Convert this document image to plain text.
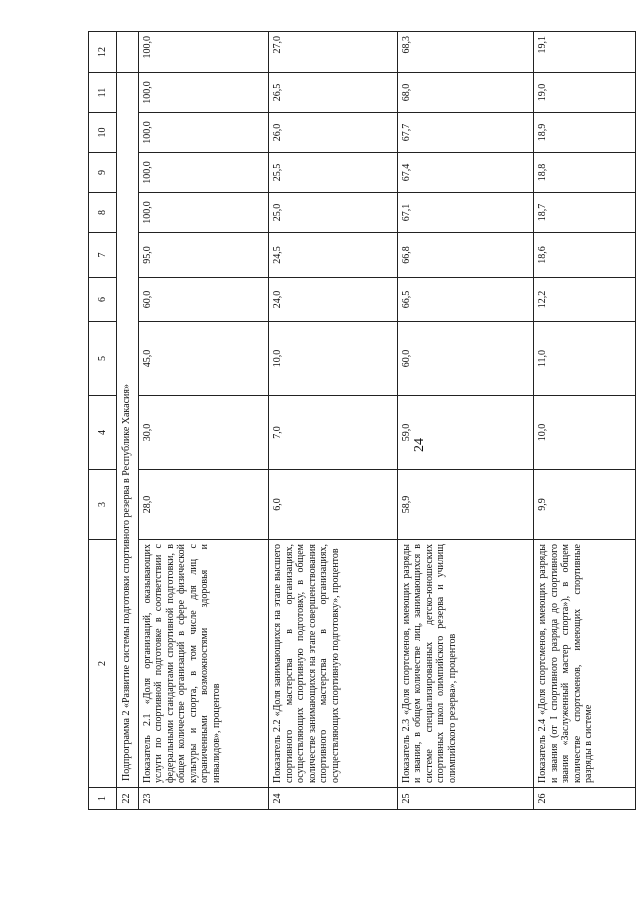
24
1	2	3	4	5	6	7	8	9	10	11	12
22	Подпрограмма 2 «Развитие системы подготовки спортивного резерва в Республике Хакасия»										
23	Показатель 2.1 «Доля организаций, оказывающих услуги по спортивной подготовке в соответствии с федеральными стандартами спортивной подготовки, в общем количестве организаций в сфере физической культуры и спорта, в том числе для лиц с ограниченными возможностями здоровья и инвалидов», процентов	28,0	30,0	45,0	60,0	95,0	100,0	100,0	100,0	100,0	100,0
24	Показатель 2.2 «Доля занимающихся на этапе высшего спортивного мастерства в организациях, осуществляющих спортивную подготовку, в общем количестве занимающихся на этапе совершенствования спортивного мастерства в организациях, осуществляющих спортивную подготовку», процентов	6,0	7,0	10,0	24,0	24,5	25,0	25,5	26,0	26,5	27,0
25	Показатель 2.3 «Доля спортсменов, имеющих разряды и звания, в общем количестве лиц, занимающихся в системе специализированных детско-юношеских спортивных школ олимпийского резерва и училищ олимпийского резерва», процентов	58,9	59,0	60,0	66,5	66,8	67,1	67,4	67,7	68,0	68,3
26	Показатель 2.4 «Доля спортсменов, имеющих разряды и звания (от I спортивного разряда до спортивного звания «Заслуженный мастер спорта»), в общем количестве спортсменов, имеющих спортивные разряды в системе	9,9	10,0	11,0	12,2	18,6	18,7	18,8	18,9	19,0	19,1
